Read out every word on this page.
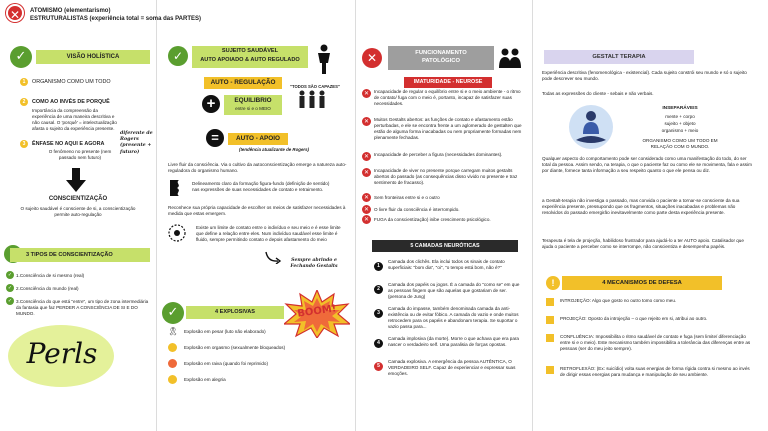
✕	ATOMISMO (elementarismo)
ESTRUTURALISTAS (experiência total = soma das PARTES)
✓	VISÃO HOLÍSTICA
1	ORGANISMO COMO UM TODO
2	COMO AO INVÉS DE PORQUÊ
Importância da compreensão da experiência de uma maneira descritiva e não causal. O 'porquê' = intelectualização afasta o sujeito da experiência presente.
3	ÊNFASE NO AQUI E AGORA
O fenômeno no presente (nem passado nem futuro)
diferente de Rogers (presente + futuro)
CONSCIENTIZAÇÃO
O sujeito saudável é consciente de si, a conscientização permite auto-regulação
3 TIPOS DE CONSCIENTIZAÇÃO
✓ 1.Consciência de si mesmo (real)
✓ 2.Consciência do mundo (real)
✓ 3.Consciência do que está "entre", um tipo de zona intermediária da fantasia que faz PERDER A CONSCIÊNCIA DE SI E DO MUNDO.
Perls
✓	SUJEITO SAUDÁVEL
AUTO APOIADO & AUTO REGULADO
AUTO - REGULAÇÃO
"TODOS SÃO CAPAZES"
+	EQUILIBRIO
entre si e o MEIO
=	AUTO - APOIO
(tendência atualizante de Rogers)
Livre fluir da consciência. Via o cultivo da autoconscientização emerge a natureza auto-reguladora do organismo humano.
Delineamento claro da formação figura-fundo (definição de sentido) nas expressões de suas necessidades de contato e retraimento.
Reconhece sua própria capacidade de escolher os meios de satisfazer necessidades à medida que estas emergem.
Existe um limite de contato entre o indivíduo e seu meio e é esse limite que define a relação entre eles. Num indivíduo saudável esse limite é fluido, sempre permitindo contato e depois afastamento do meio
Sempre abrindo e Fechando Gestalts
✓	4 EXPLOSIVAS	BOOM!
🎗 Explosão em pesar (luto não elaborado)
Explosão em orgasmo (sexualmente bloqueados)
Explosão em raiva (quando foi reprimido)
Explosão em alegria
✕	FUNCIONAMENTO
PATOLÓGICO
IMATURIDADE - NEUROSE
✕	Incapacidade de regular o equilíbrio entre si e o meio ambiente - o ritmo de contato/ fuga com o meio é, portanto, incapaz de satisfazer suas necessidades.
✕	Muitos Gestalts abertos: as funções de contato e afastamento estão perturbadas, e ele se encontra frente a um aglomerado de gestalten que estão de alguma forma inacabadas ou nem propriamente formadas nem plenamente fechadas.
✕	Incapacidade de perceber a figura (necessidades dominantes).
✕	Incapacidade de viver no presente porque carregam muitos gestalts abertos do passado (as consequências disso vivido no presente e traz sentimento de fracasso).
✕	Sem fronteiras entre si e o outro
✕	O livre fluir da consciência é interrompido.
✕	FUGA da conscientização) inibe crescimento psicológico.
5 CAMADAS NEURÓTICAS
1
Camada dos clichês. Ela inclui todos os sinais de contato superficiais: "bom dia", "oi", "o tempo está bom, não é?"
2
Camada dos papéis ou jogos. É a camada do "como se" em que as pessoas fingem que são aquelas que gostariam de ser. (persona de Jung)
3
Camada do impasse, também denominada camada da anti-existência ou de evitar fóbico. A camada do vazio e onde muitos retrocedem para os papéis e abandonam terapia. Se suportar o vazio passa para...
4
Camada implosiva (da morte). Morre o que achava que era para nascer o verdadeiro self. Uma paralisia de forças opostas.
5
Camada explosiva. A emergência da pessoa AUTÊNTICA, O VERDADEIRO SELF. Capaz de experienciar e expressar suas emoções.
GESTALT TERAPIA
Experiência descritiva (fenomenológica - existencial). Cada sujeito constrói seu mundo e só o sujeito pode descrever seu mundo.
Todas as expressões do cliente - sebais e não verbais.
INSEPARÁVEIS
mente + corpo
sujeito + objeto
organismo + meio
ORGANISMO COMO UM TODO EM RELAÇÃO COM O MUNDO.
Qualquer aspecto do comportamento pode ser considerado como uma manifestação do todo, do ser total da pessoa. Assim sendo, na terapia, o que o paciente faz ou como ele se movimenta, fala e assim por diante, fornece tanta informação a seu respeito quanto o que ele pensa ou diz.
a Gestalt-terapia não investiga o passado, mas convida o paciente a tornar-se consciente da sua experiência presente, pressupondo que os fragmentos, situações inacabadas e problemas não resolvidos do passado emergirão inevitavelmente como parte desta experiência presente.
Terapeuta é tela de projeção, habilidoso frustrador para ajudá-lo a ter AUTO apoio. Catalisador que ajuda o paciente a perceber como se interrompe, não conscientiza e desempenha papéis.
!	4 MECANISMOS DE DEFESA
INTROJEÇÃO: Algo que gosto no outro tomo como meu.
PROJEÇÃO: Oposto da introjeção – o que rejeito em si, atribui ao outro.
CONFLUÊNCIA: Impossibilita o ritmo saudável de contato e fuga (sem limite/ diferenciação entre si e o meio). Este mecanismo também impossibilita a tolerância das diferenças entre as pessoas (ser do meu jeito sempre).
RETROFLEXÃO: (Ex: suicídio) volta suas energias de forma rígida contra si mesmo ao invés de dirigir essas energias para mudança e manipulação de seu ambiente.
